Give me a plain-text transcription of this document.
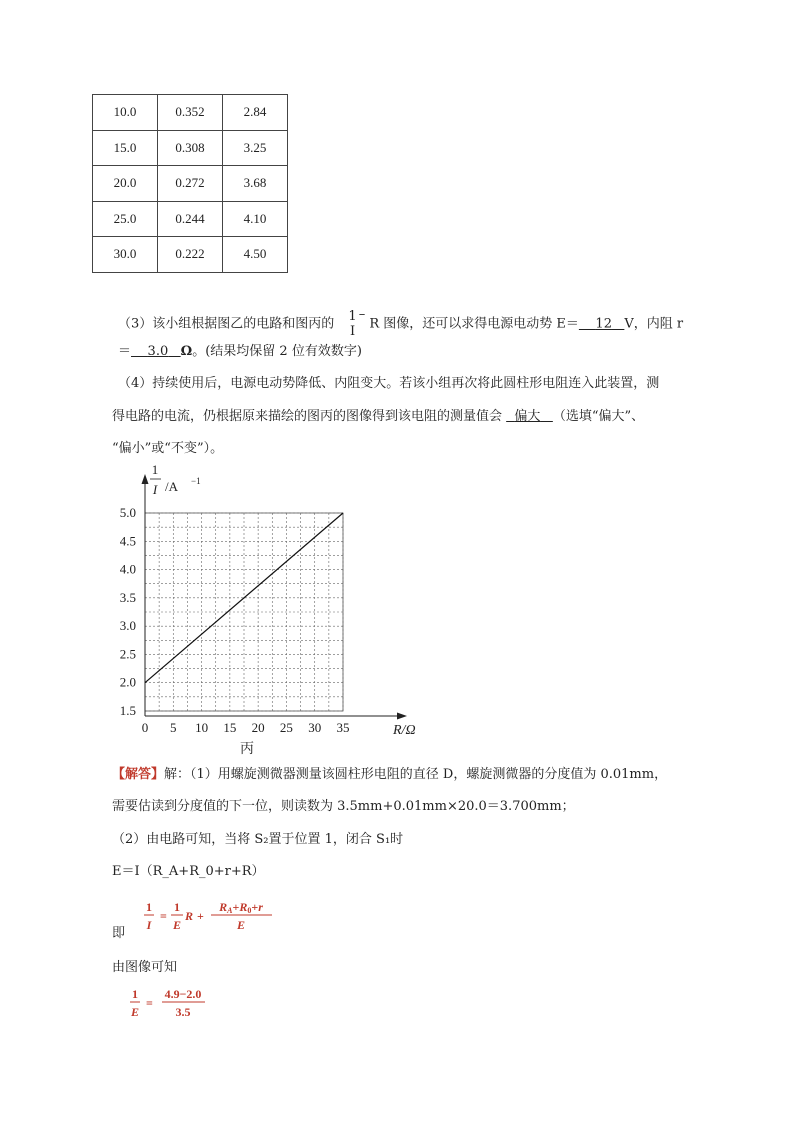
10.0	0.352	2.84
15.0	0.308	3.25
20.0	0.272	3.68
25.0	0.244	4.10
30.0	0.222	4.50
（3）该小组根据图乙的电路和图丙的 1
I
– R 图像，还可以求得电源电动势 E＝ 12 V，内阻 r
＝ 3.0 Ω。(结果均保留 2 位有效数字)
（4）持续使用后，电源电动势降低、内阻变大。若该小组再次将此圆柱形电阻连入此装置，测
得电路的电流，仍根据原来描绘的图丙的图像得到该电阻的测量值会 偏大 （选填“偏大”、
“偏小”或“不变”）。
0 5 10 15 20 25 30 35
1.5
2.0
2.5
3.0
3.5
4.0
4.5
5.0
1
I /A −1
R/Ω
丙
【解答】解：（1）用螺旋测微器测量该圆柱形电阻的直径 D，螺旋测微器的分度值为 0.01mm，
需要估读到分度值的下一位，则读数为 3.5mm+0.01mm×20.0＝3.700mm；
（2）由电路可知，当将 S₂置于位置 1，闭合 S₁时
E＝I（R_A+R_0+r+R）
即
1
I
=
1
E
R +
RA+R0+r
E
由图像可知
1
E
=
4.9−2.0
3.5
